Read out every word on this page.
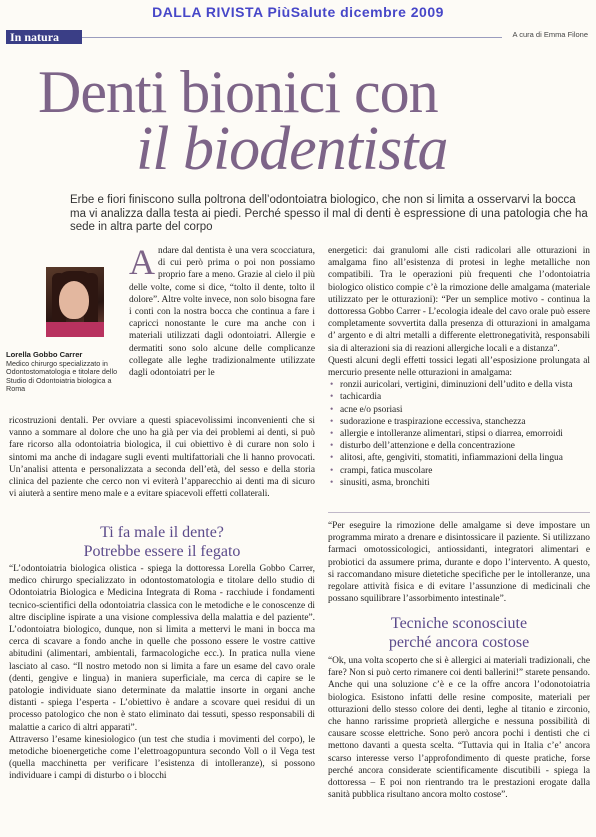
DALLA RIVISTA PiùSalute dicembre 2009
In natura	A cura di Emma Filone
Denti bionici con
il biodentista
Erbe e fiori finiscono sulla poltrona dell’odontoiatra biologico, che non si limita a osservarvi la bocca ma vi analizza dalla testa ai piedi. Perché spesso il mal di denti è espressione di una patologia che ha sede in altra parte del corpo
Lorella Gobbo Carrer
Medico chirurgo specializzato in Odontostomatologia e titolare dello Studio di Odontoiatria biologica a Roma

Andare dal dentista è una vera scocciatura, di cui però prima o poi non possiamo proprio fare a meno. Grazie al cielo il più delle volte, come si dice, “tolto il dente, tolto il dolore”. Altre volte invece, non solo bisogna fare i conti con la nostra bocca che continua a fare i capricci nonostante le cure ma anche con i materiali utilizzati dagli odontoiatri. Allergie e dermatiti sono solo alcune delle complicanze collegate alle leghe tradizionalmente utilizzate dagli odontoiatri per le

ricostruzioni dentali. Per ovviare a questi spiacevolissimi inconvenienti che si vanno a sommare al dolore che uno ha già per via dei problemi ai denti, si può fare ricorso alla odontoiatria biologica, il cui obiettivo è di curare non solo i sintomi ma anche di indagare sugli eventi multifattoriali che li hanno provocati. Un’analisi attenta e personalizzata a seconda dell’età, del sesso e della storia clinica del paziente che cerco non vi eviterà l’apparecchio ai denti ma di sicuro vi aiuterà a sentire meno male e a evitare spiacevoli effetti collaterali.

Ti fa male il dente?
Potrebbe essere il fegato

“L’odontoiatria biologica olistica - spiega la dottoressa Lorella Gobbo Carrer, medico chirurgo specializzato in odontostomatologia e titolare dello studio di Odontoiatria Biologica e Medicina Integrata di Roma - racchiude i fondamenti tecnico-scientifici della odontoiatria classica con le metodiche e le conoscenze di altre discipline ispirate a una visione complessiva della malattia e del paziente”. L’odontoiatra biologico, dunque, non si limita a mettervi le mani in bocca ma cerca di scavare a fondo anche in quelle che possono essere le vostre cattive abitudini (alimentari, ambientali, farmacologiche ecc.). In pratica nulla viene lasciato al caso. “Il nostro metodo non si limita a fare un esame del cavo orale (denti, gengive e lingua) in maniera superficiale, ma cerca di capire se le patologie individuate siano determinate da malattie insorte in organi anche distanti - spiega l’esperta - L’obiettivo è andare a scovare quei residui di un processo patologico che non è stato eliminato dai tessuti, spesso responsabili di malattie a carico di altri apparati”.

Attraverso l’esame kinesiologico (un test che studia i movimenti del corpo), le metodiche bioenergetiche come l’elettroagopuntura secondo Voll o il Vega test (quella macchinetta per verificare l’esistenza di intolleranze), si possono individuare i campi di disturbo o i blocchi

energetici: dai granulomi alle cisti radicolari alle otturazioni in amalgama fino all’esistenza di protesi in leghe metalliche non compatibili. Tra le operazioni più frequenti che l’odontoiatria biologico olistico compie c’è la rimozione delle amalgama (materiale utilizzato per le otturazioni): “Per un semplice motivo - continua la dottoressa Gobbo Carrer - L’ecologia ideale del cavo orale può essere completamente sovvertita dalla presenza di otturazioni in amalgama d’ argento e di altri metalli a differente elettronegatività, responsabili sia di alterazioni sia di reazioni allergiche locali e a distanza”.

Questi alcuni degli effetti tossici legati all’esposizione prolungata al mercurio presente nelle otturazioni in amalgama:

• ronzii auricolari, vertigini, diminuzioni dell’udito e della vista
• tachicardia
• acne e/o psoriasi
• sudorazione e traspirazione eccessiva, stanchezza
• allergie e intolleranze alimentari, stipsi o diarrea, emorroidi
• disturbo dell’attenzione e della concentrazione
• alitosi, afte, gengiviti, stomatiti, infiammazioni della lingua
• crampi, fatica muscolare
• sinusiti, asma, bronchiti

“Per eseguire la rimozione delle amalgame si deve impostare un programma mirato a drenare e disintossicare il paziente. Si utilizzano farmaci omotossicologici, antiossidanti, integratori alimentari e probiotici da assumere prima, durante e dopo l’intervento. A questo, si raccomandano misure dietetiche specifiche per le intolleranze, una regolare attività fisica e di evitare l’assunzione di medicinali che possano squilibrare l’assorbimento intestinale”.

Tecniche sconosciute
perché ancora costose

“Ok, una volta scoperto che si è allergici ai materiali tradizionali, che fare? Non si può certo rimanere coi denti ballerini!” starete pensando. Anche qui una soluzione c’è e ce la offre ancora l’odonotoiatria biologica. Esistono infatti delle resine composite, materiali per otturazioni dello stesso colore dei denti, leghe al titanio e zirconio, che hanno rarissime proprietà allergiche e nessuna possibilità di causare scosse elettriche. Sono però ancora pochi i dentisti che ci mettono davanti a questa scelta. “Tuttavia qui in Italia c’e’ ancora scarso interesse verso l’approfondimento di queste pratiche, forse perché ancora considerate scientificamente discutibili - spiega la dottoressa – E poi non rientrando tra le prestazioni erogate dalla sanità pubblica risultano ancora molto costose”.
